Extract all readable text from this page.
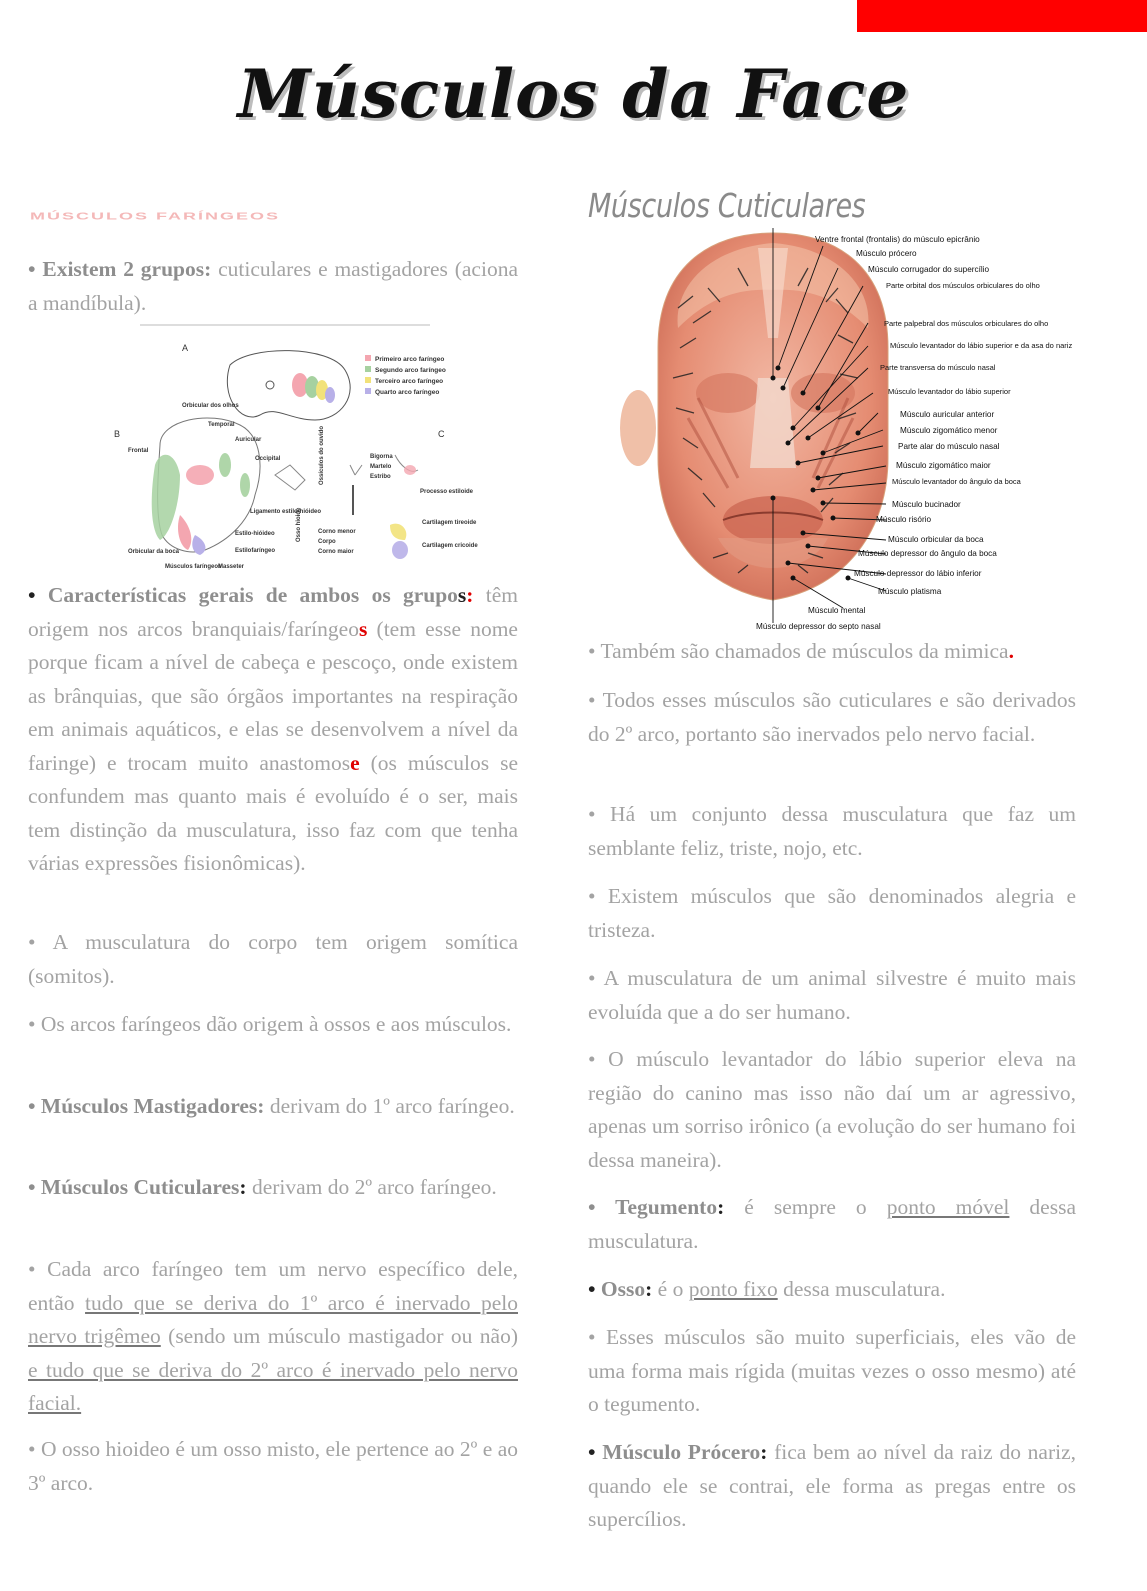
Músculos da Face
MÚSCULOS FARÍNGEOS	Músculos Cuticulares

• Existem 2 grupos: cuticulares e mastigadores (aciona a mandíbula).

A
B	C
Primeiro arco faríngeo
Segundo arco faríngeo
Terceiro arco faríngeo
Quarto arco faríngeo
Orbicular dos olhos
Temporal
Auricular
Frontal
Occipital
Ligamento estilo-hióideo
Estilo-hióideo
Estilofaríngeo
Orbicular da boca
Músculos faríngeos
Masseter
Ossículos do ouvido	Bigorna
Martelo
Estribo
Processo estiloide
Osso hioide	Corno menor
Corpo
Corno maior
Cartilagem tireoide
Cartilagem cricoide

• Características gerais de ambos os grupos: têm origem nos arcos branquiais/faríngeos (tem esse nome porque ficam a nível de cabeça e pescoço, onde existem as brânquias, que são órgãos importantes na respiração em animais aquáticos, e elas se desenvolvem a nível da faringe) e trocam muito anastomose (os músculos se confundem mas quanto mais é evoluído é o ser, mais tem distinção da musculatura, isso faz com que tenha várias expressões fisionômicas).

• A musculatura do corpo tem origem somítica (somitos).

• Os arcos faríngeos dão origem à ossos e aos músculos.

• Músculos Mastigadores: derivam do 1º arco faríngeo.

• Músculos Cuticulares: derivam do 2º arco faríngeo.

• Cada arco faríngeo tem um nervo específico dele, então tudo que se deriva do 1º arco é inervado pelo nervo trigêmeo (sendo um músculo mastigador ou não) e tudo que se deriva do 2º arco é inervado pelo nervo facial.

• O osso hioideo é um osso misto, ele pertence ao 2º e ao 3º arco.

Ventre frontal (frontalis) do músculo epicrânio
Músculo prócero
Músculo corrugador do supercílio
Parte orbital dos músculos orbiculares do olho
Parte palpebral dos músculos orbiculares do olho
Músculo levantador do lábio superior e da asa do nariz
Parte transversa do músculo nasal
Músculo levantador do lábio superior
Músculo auricular anterior
Músculo zigomático menor
Parte alar do músculo nasal
Músculo zigomático maior
Músculo levantador do ângulo da boca
Músculo bucinador
Músculo risório
Músculo orbicular da boca
Músculo depressor do ângulo da boca
Músculo depressor do lábio inferior
Músculo platisma
Músculo mental
Músculo depressor do septo nasal

• Também são chamados de músculos da mimica.

• Todos esses músculos são cuticulares e são derivados do 2º arco, portanto são inervados pelo nervo facial.

• Há um conjunto dessa musculatura que faz um semblante feliz, triste, nojo, etc.

• Existem músculos que são denominados alegria e tristeza.

• A musculatura de um animal silvestre é muito mais evoluída que a do ser humano.

• O músculo levantador do lábio superior eleva na região do canino mas isso não daí um ar agressivo, apenas um sorriso irônico (a evolução do ser humano foi dessa maneira).

• Tegumento: é sempre o ponto móvel dessa musculatura.

• Osso: é o ponto fixo dessa musculatura.

• Esses músculos são muito superficiais, eles vão de uma forma mais rígida (muitas vezes o osso mesmo) até o tegumento.

• Músculo Prócero: fica bem ao nível da raiz do nariz, quando ele se contrai, ele forma as pregas entre os supercílios.
